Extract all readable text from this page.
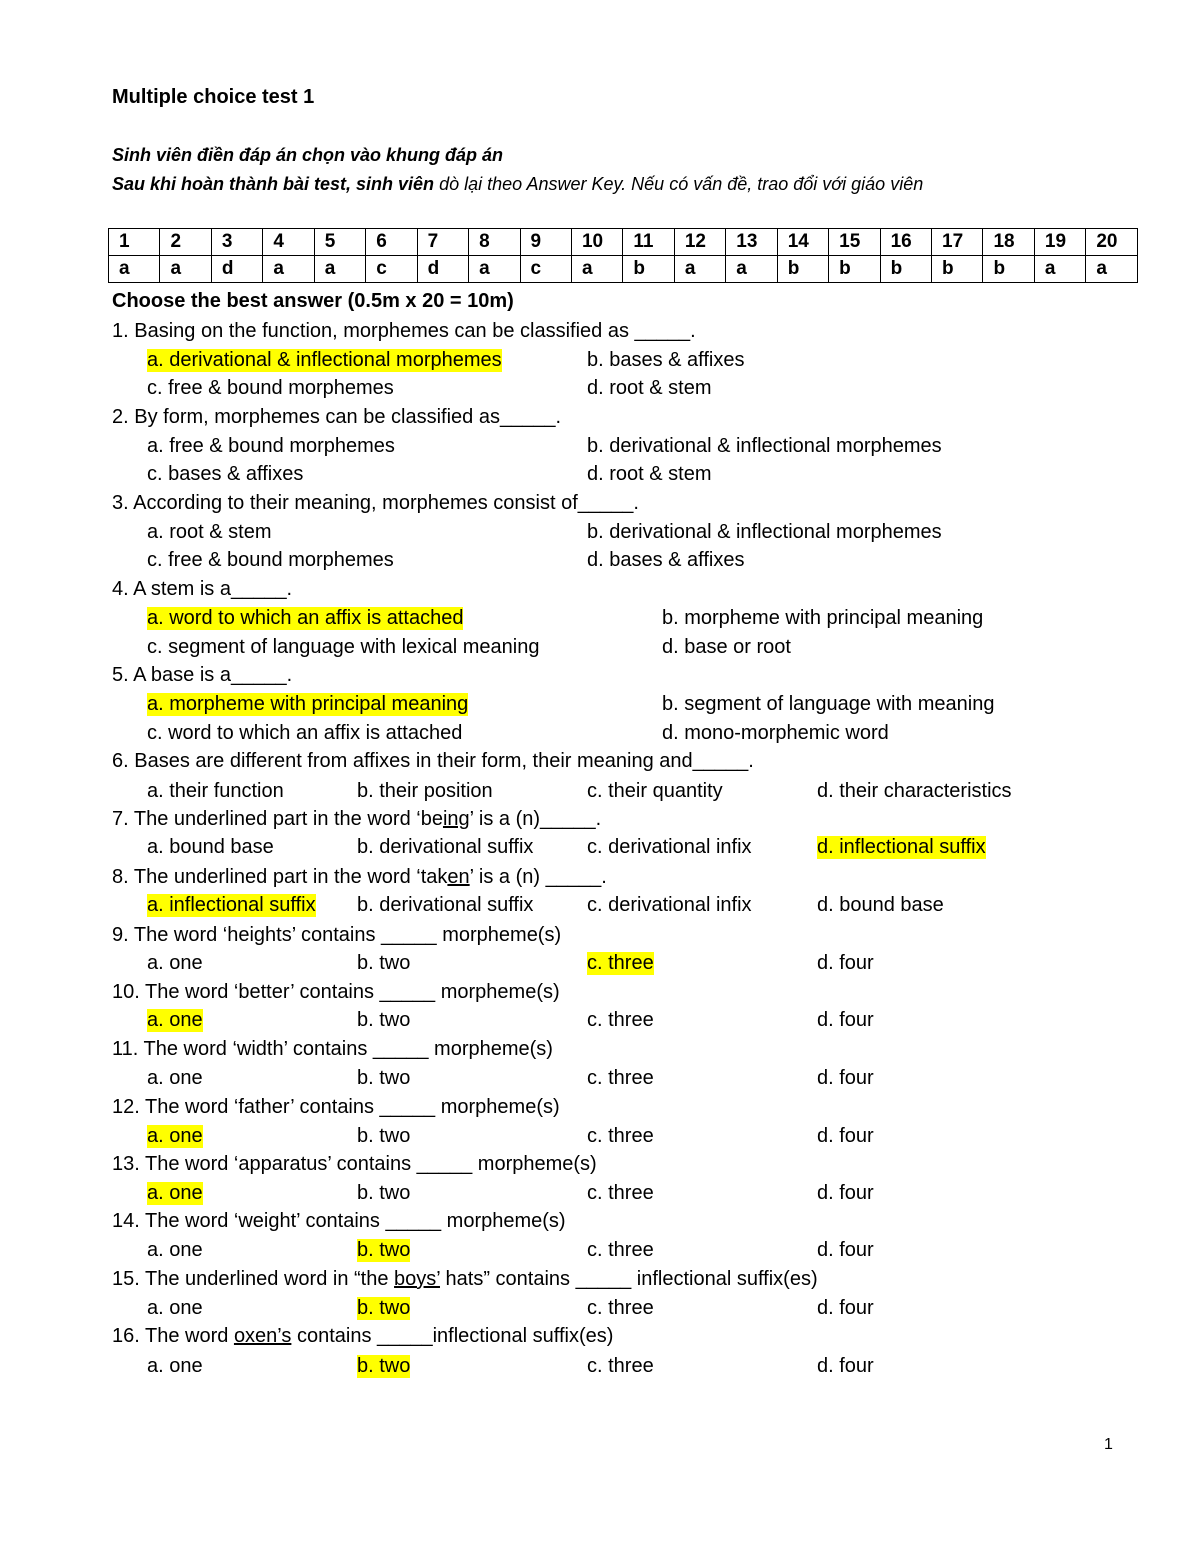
Multiple choice test 1
Sinh viên điền đáp án chọn vào khung đáp án
Sau khi hoàn thành bài test, sinh viên dò lại theo Answer Key. Nếu có vấn đề, trao đổi với giáo viên
1	2	3	4	5	6	7	8	9	10	11	12	13	14	15	16	17	18	19	20
a	a	d	a	a	c	d	a	c	a	b	a	a	b	b	b	b	b	a	a
Choose the best answer (0.5m x 20 = 10m)
1. Basing on the function, morphemes can be classified as _____.
a. derivational & inflectional morphemes	b. bases & affixes
c. free & bound morphemes	d. root & stem
2. By form, morphemes can be classified as_____.
a. free & bound morphemes	b. derivational & inflectional morphemes
c. bases & affixes	d. root & stem
3. According to their meaning, morphemes consist of_____.
a. root & stem	b. derivational & inflectional morphemes
c. free & bound morphemes	d. bases & affixes
4. A stem is a_____.
a. word to which an affix is attached	b. morpheme with principal meaning
c. segment of language with lexical meaning	d. base or root
5. A base is a_____.
a. morpheme with principal meaning	b. segment of language with meaning
c. word to which an affix is attached	d. mono-morphemic word
6. Bases are different from affixes in their form, their meaning and_____.
a. their function	b. their position	c. their quantity	d. their characteristics
7. The underlined part in the word ‘being’ is a (n)_____.
a. bound base	b. derivational suffix	c. derivational infix	d. inflectional suffix
8. The underlined part in the word ‘taken’ is a (n) _____.
a. inflectional suffix b. derivational suffix	c. derivational infix	d. bound base
9. The word ‘heights’ contains _____ morpheme(s)
a. one	b. two	c. three	d. four
10. The word ‘better’ contains _____ morpheme(s)
a. one	b. two	c. three	d. four
11. The word ‘width’ contains _____ morpheme(s)
a. one	b. two	c. three	d. four
12. The word ‘father’ contains _____ morpheme(s)
a. one	b. two	c. three	d. four
13. The word ‘apparatus’ contains _____ morpheme(s)
a. one	b. two	c. three	d. four
14. The word ‘weight’ contains _____ morpheme(s)
a. one	b. two	c. three	d. four
15. The underlined word in “the boys’ hats” contains _____ inflectional suffix(es)
a. one	b. two	c. three	d. four
16. The word oxen’s contains _____inflectional suffix(es)
a. one	b. two	c. three	d. four
1
